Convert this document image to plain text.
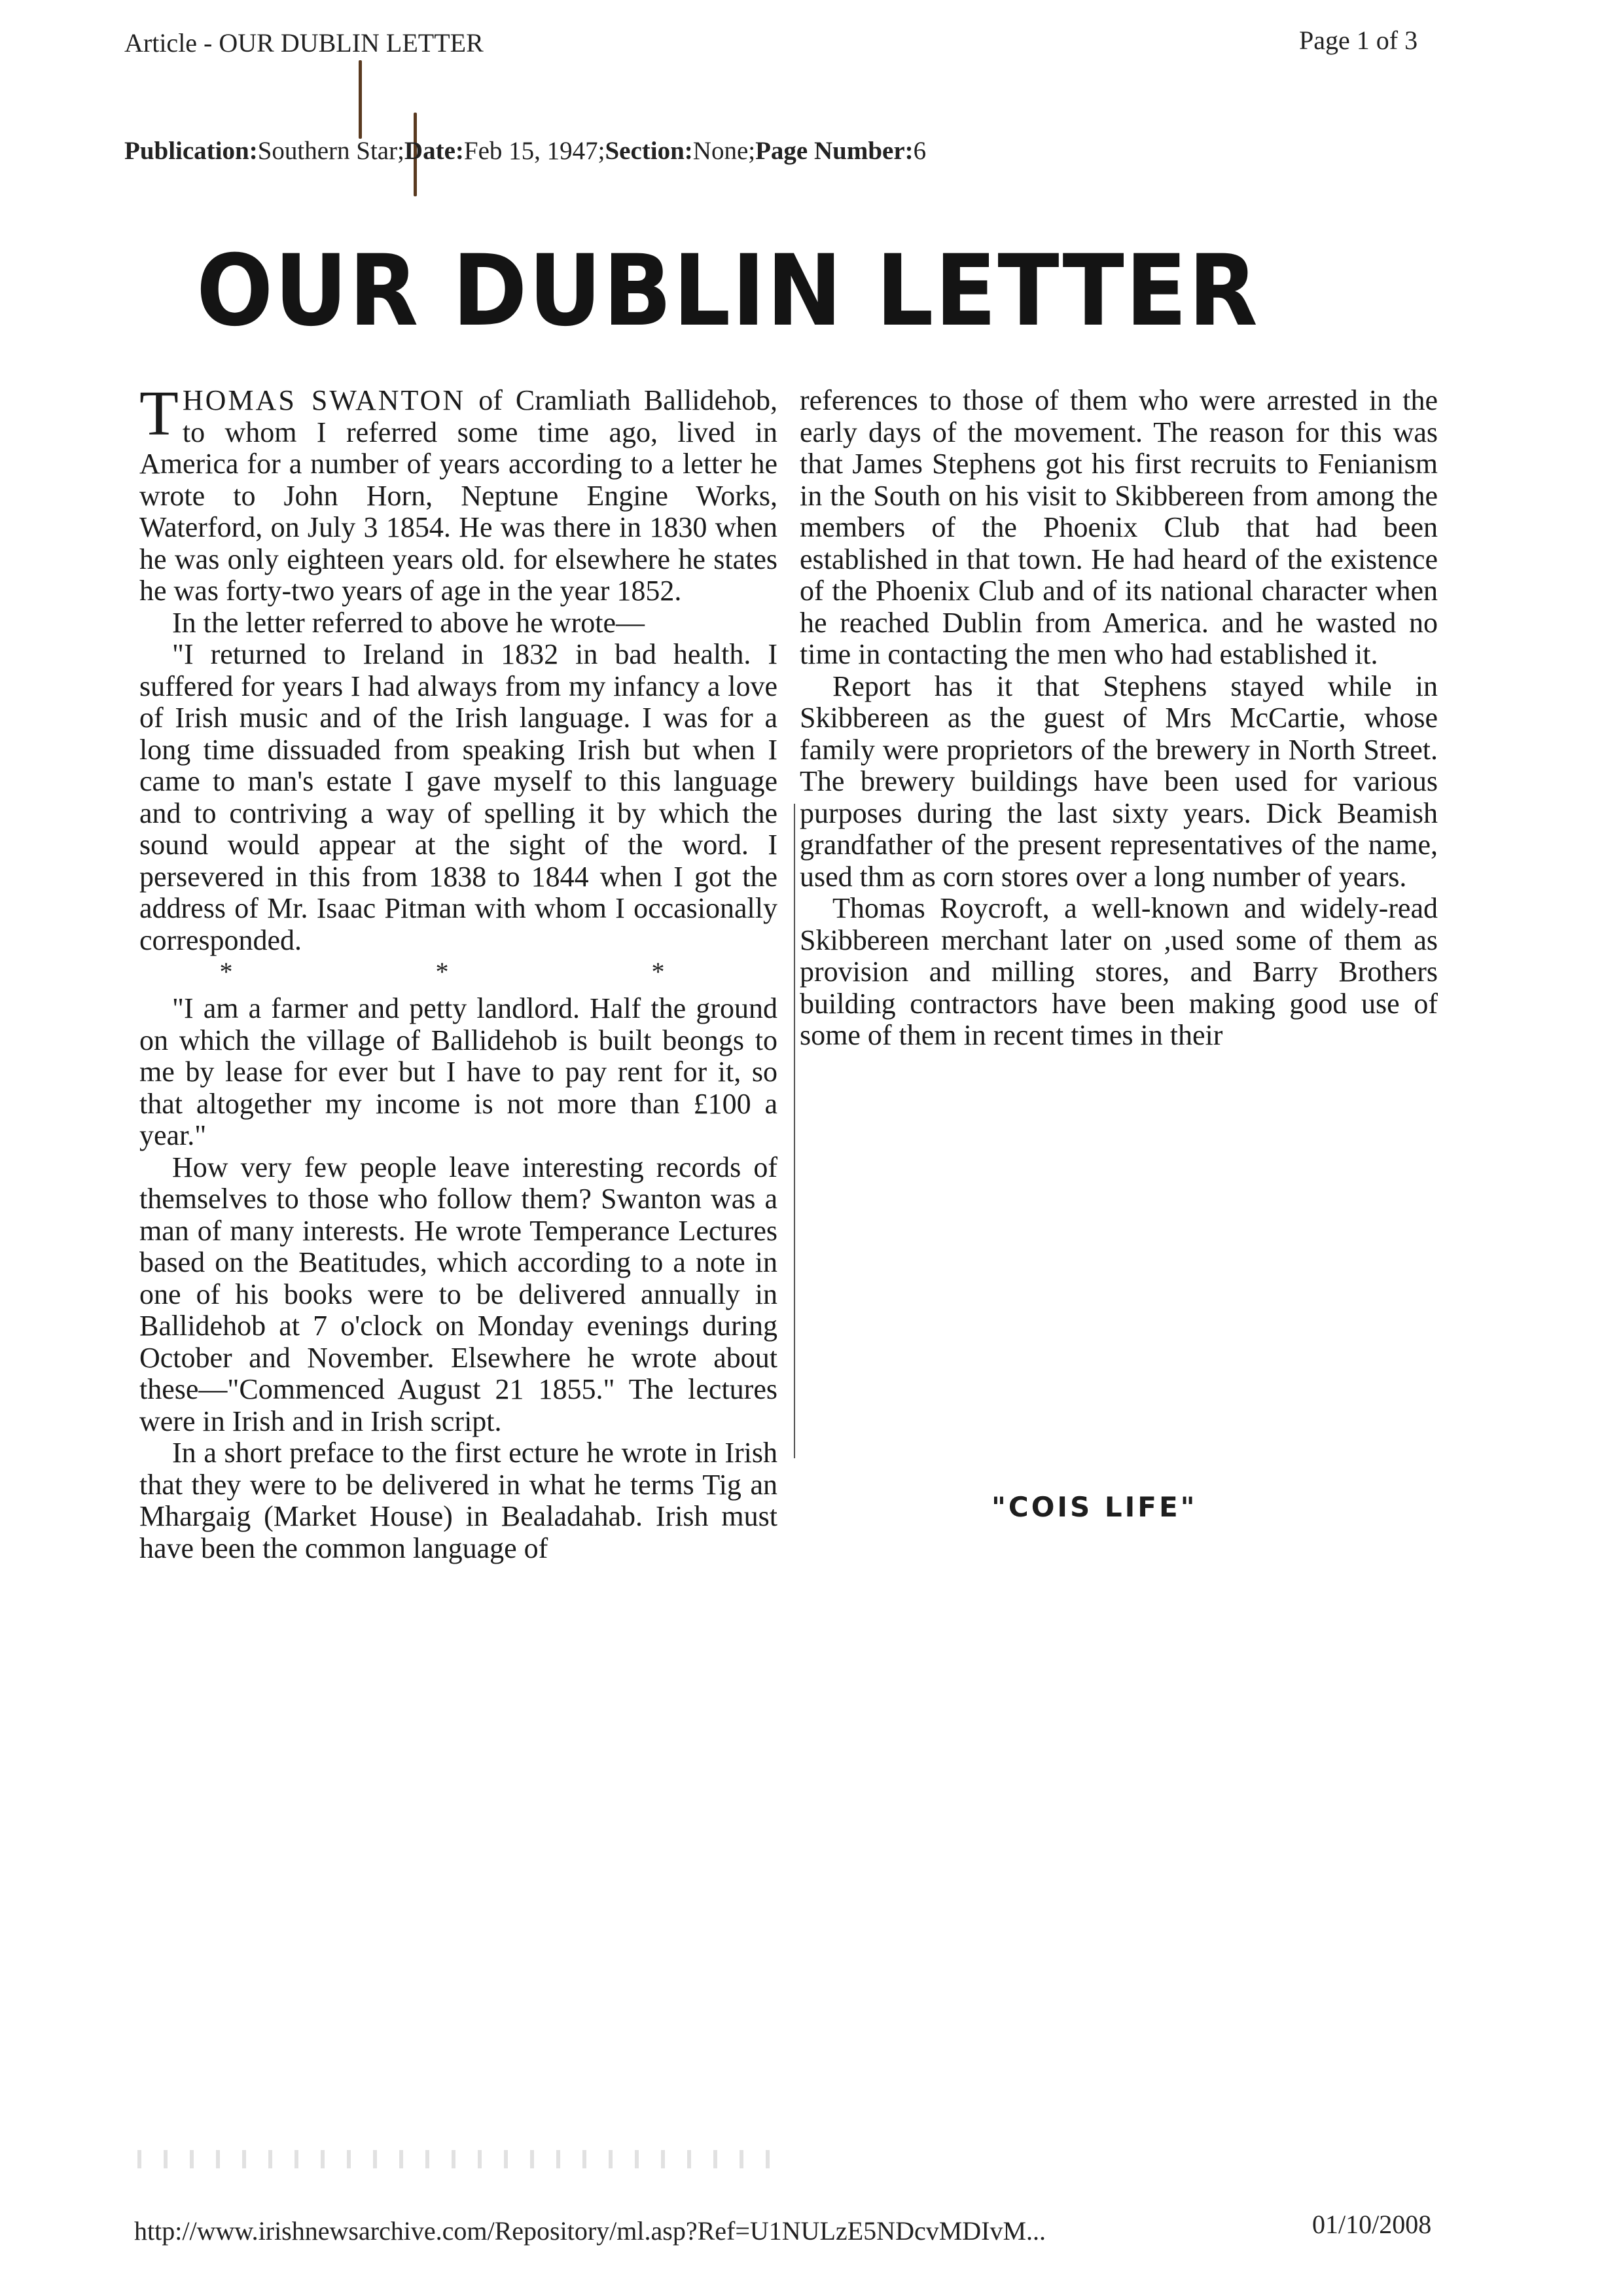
Article - OUR DUBLIN LETTER	Page 1 of 3
Publication:Southern Star;Date:Feb 15, 1947;Section:None;Page Number:6
OUR DUBLIN LETTER

THOMAS SWANTON of Cramliath Ballidehob, to whom I referred some time ago, lived in America for a number of years according to a letter he wrote to John Horn, Neptune Engine Works, Waterford, on July 3 1854. He was there in 1830 when he was only eighteen years old. for elsewhere he states he was forty-two years of age in the year 1852.

In the letter referred to above he wrote—

"I returned to Ireland in 1832 in bad health. I suffered for years I had always from my infancy a love of Irish music and of the Irish language. I was for a long time dissuaded from speaking Irish but when I came to man's estate I gave myself to this language and to contriving a way of spelling it by which the sound would appear at the sight of the word. I persevered in this from 1838 to 1844 when I got the address of Mr. Isaac Pitman with whom I occasionally corresponded.

* * *

"I am a farmer and petty landlord. Half the ground on which the village of Ballidehob is built beongs to me by lease for ever but I have to pay rent for it, so that altogether my income is not more than £100 a year."

How very few people leave interesting records of themselves to those who follow them? Swanton was a man of many interests. He wrote Temperance Lectures based on the Beatitudes, which according to a note in one of his books were to be delivered annually in Ballidehob at 7 o'clock on Monday evenings during October and November. Elsewhere he wrote about these—"Commenced August 21 1855." The lectures were in Irish and in Irish script.

In a short preface to the first ecture he wrote in Irish that they were to be delivered in what he terms Tig an Mhargaig (Market House) in Bealadahab. Irish must have been the common language of

references to those of them who were arrested in the early days of the movement. The reason for this was that James Stephens got his first recruits to Fenianism in the South on his visit to Skibbereen from among the members of the Phoenix Club that had been established in that town. He had heard of the existence of the Phoenix Club and of its national character when he reached Dublin from America. and he wasted no time in contacting the men who had established it.

Report has it that Stephens stayed while in Skibbereen as the guest of Mrs McCartie, whose family were proprietors of the brewery in North Street. The brewery buildings have been used for various purposes during the last sixty years. Dick Beamish grandfather of the present representatives of the name, used thm as corn stores over a long number of years.

Thomas Roycroft, a well-known and widely-read Skibbereen merchant later on ,used some of them as provision and milling stores, and Barry Brothers building contractors have been making good use of some of them in recent times in their

"COIS LIFE"
http://www.irishnewsarchive.com/Repository/ml.asp?Ref=U1NULzE5NDcvMDIvM...	01/10/2008
